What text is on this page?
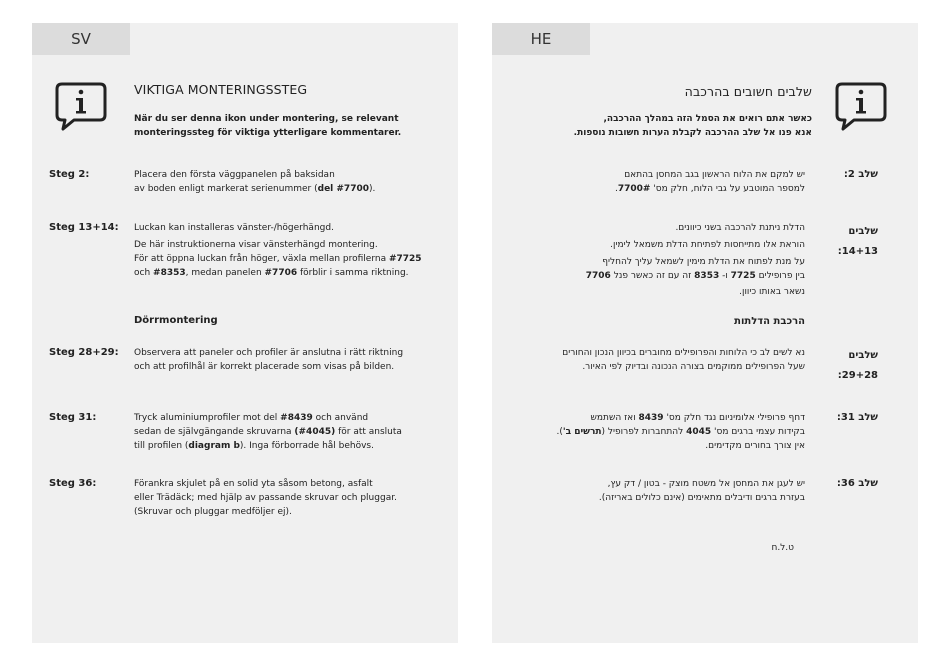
SV
VIKTIGA MONTERINGSSTEG
När du ser denna ikon under montering, se relevant
monteringssteg för viktiga ytterligare kommentarer.
Steg 2:	Placera den första väggpanelen på baksidan
av boden enligt markerat serienummer (del #7700).
Steg 13+14: Luckan kan installeras vänster-/högerhängd.
De här instruktionerna visar vänsterhängd montering.
För att öppna luckan från höger, växla mellan profilerna #7725
och #8353, medan panelen #7706 förblir i samma riktning.
Dörrmontering
Steg 28+29: Observera att paneler och profiler är anslutna i rätt riktning
och att profilhål är korrekt placerade som visas på bilden.
Steg 31:	Tryck aluminiumprofiler mot del #8439 och använd
sedan de självgängande skruvarna (#4045) för att ansluta
till profilen (diagram b). Inga förborrade hål behövs.
Steg 36:	Förankra skjulet på en solid yta såsom betong, asfalt
eller Trädäck; med hjälp av passande skruvar och pluggar.
(Skruvar och pluggar medföljer ej).
HE
שלבים חשובים בהרכבה
כאשר אתם רואים את הסמל הזה במהלך ההרכבה,
אנא פנו אל שלב ההרכבה לקבלת הערות חשובות נוספות.
שלב 2:
יש למקם את הלוח הראשון בגב המחסן בהתאם
למספר המוטבע על גבי הלוח, חלק מס' 7700#.
שלבים
14+13:
הדלת ניתנת להרכבה בשני כיוונים.
הוראת אלו מתייחסות לפתיחת הדלת משמאל לימין.
על מנת לפתוח את הדלת מימין לשמאל עליך להחליף
בין פרופילים 7725 ו- 8353 זה עם זה כאשר פנל 7706
נשאר באותו כיוון.
הרכבת הדלתות
שלבים
29+28:
נא לשים לב כי הלוחות והפרופילים מחוברים בכיוון הנכון והחורים
שעל הפרופילים ממוקמים בצורה הנכונה ובדיוק לפי האיור.
שלב 31:
דחף פרופילי אלומיניום נגד חלק מס' 8439 ואז השתמש
בקידות עצמי ברגים מס' 4045 להתחברות לפרופיל (תרשים ב').
אין צורך בחורים מקדימים.
שלב 36:
יש לעגן את המחסן אל משטח מוצק - בטון / דק עץ,
בעזרת ברגים ודיבלים מתאימים (אינם כלולים באריזה).
ט.ל.ח
